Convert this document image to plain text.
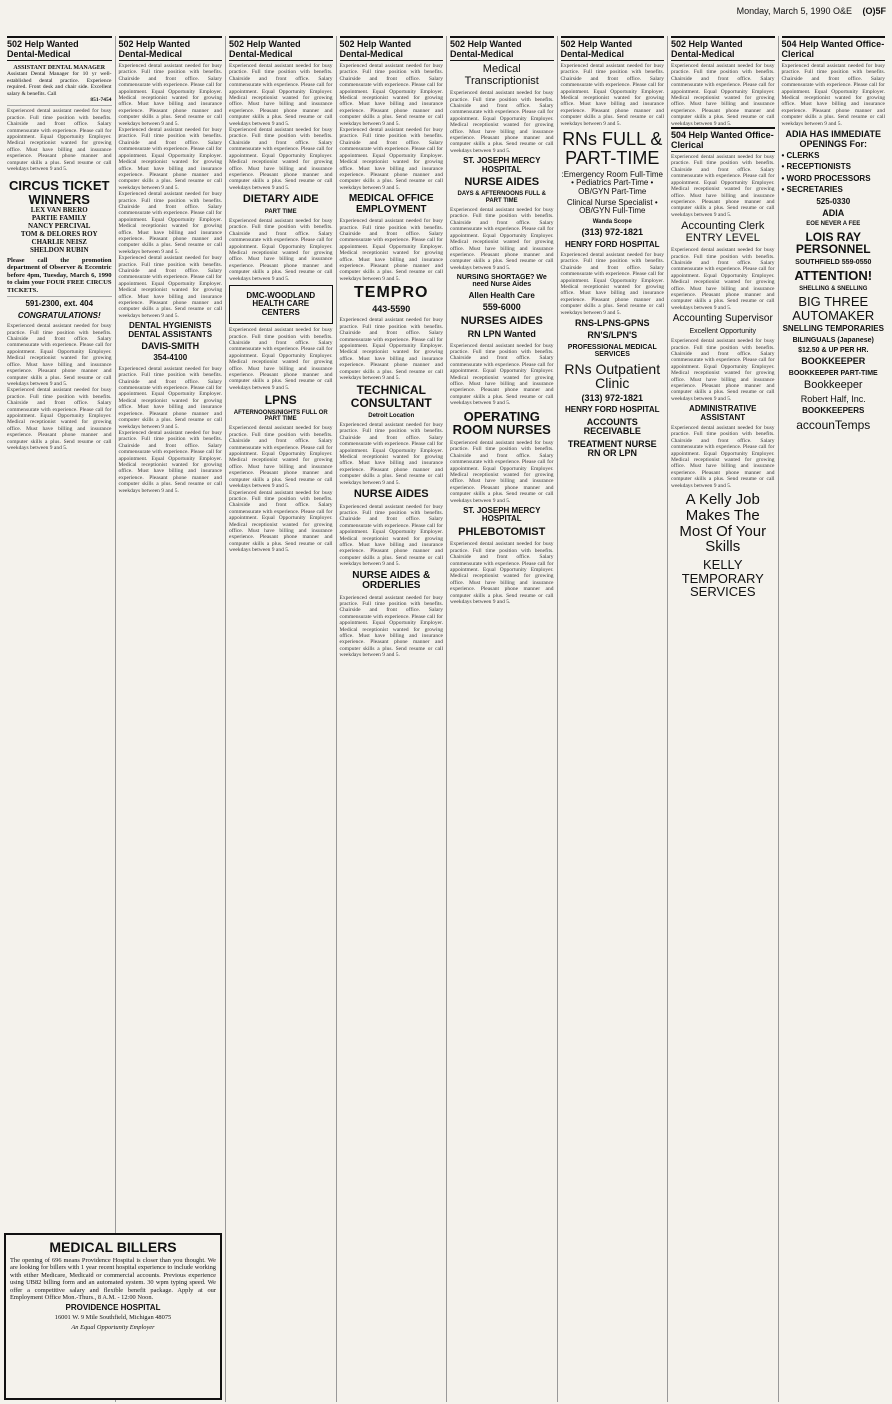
Monday, March 5, 1990 O&E (O)5F
502 Help Wanted Dental-Medical
ASSISTANT DENTAL MANAGER
Assistant Dental Manager for 10 yr well-established dental practice. Experience required. Front desk and chair side. Excellent salary & benefits. Call
851-7454
Experienced dental assistant needed for busy practice. Full time position with benefits. Chairside and front office. Salary commensurate with experience. Please call for appointment. Equal Opportunity Employer. Medical receptionist wanted for growing office. Must have billing and insurance experience. Pleasant phone manner and computer skills a plus. Send resume or call weekdays between 9 and 5.
CIRCUS TICKET WINNERS
LEX VAN BRERO
PARTIE FAMILY
NANCY PERCIVAL
TOM & DELORES ROY
CHARLIE NEISZ
SHELDON RUBIN
Please call the promotion department of Observer & Eccentric before 4pm, Tuesday, March 6, 1990 to claim your FOUR FREE CIRCUS TICKETS.
591-2300, ext. 404
CONGRATULATIONS!
Experienced dental assistant needed for busy practice. Full time position with benefits. Chairside and front office. Salary commensurate with experience. Please call for appointment. Equal Opportunity Employer. Medical receptionist wanted for growing office. Must have billing and insurance experience. Pleasant phone manner and computer skills a plus. Send resume or call weekdays between 9 and 5.
Experienced dental assistant needed for busy practice. Full time position with benefits. Chairside and front office. Salary commensurate with experience. Please call for appointment. Equal Opportunity Employer. Medical receptionist wanted for growing office. Must have billing and insurance experience. Pleasant phone manner and computer skills a plus. Send resume or call weekdays between 9 and 5.
502 Help Wanted Dental-Medical
Experienced dental assistant needed for busy practice. Full time position with benefits. Chairside and front office. Salary commensurate with experience. Please call for appointment. Equal Opportunity Employer. Medical receptionist wanted for growing office. Must have billing and insurance experience. Pleasant phone manner and computer skills a plus. Send resume or call weekdays between 9 and 5.
Experienced dental assistant needed for busy practice. Full time position with benefits. Chairside and front office. Salary commensurate with experience. Please call for appointment. Equal Opportunity Employer. Medical receptionist wanted for growing office. Must have billing and insurance experience. Pleasant phone manner and computer skills a plus. Send resume or call weekdays between 9 and 5.
Experienced dental assistant needed for busy practice. Full time position with benefits. Chairside and front office. Salary commensurate with experience. Please call for appointment. Equal Opportunity Employer. Medical receptionist wanted for growing office. Must have billing and insurance experience. Pleasant phone manner and computer skills a plus. Send resume or call weekdays between 9 and 5.
Experienced dental assistant needed for busy practice. Full time position with benefits. Chairside and front office. Salary commensurate with experience. Please call for appointment. Equal Opportunity Employer. Medical receptionist wanted for growing office. Must have billing and insurance experience. Pleasant phone manner and computer skills a plus. Send resume or call weekdays between 9 and 5.
DENTAL HYGIENISTS DENTAL ASSISTANTS
DAVIS-SMITH
354-4100
Experienced dental assistant needed for busy practice. Full time position with benefits. Chairside and front office. Salary commensurate with experience. Please call for appointment. Equal Opportunity Employer. Medical receptionist wanted for growing office. Must have billing and insurance experience. Pleasant phone manner and computer skills a plus. Send resume or call weekdays between 9 and 5.
Experienced dental assistant needed for busy practice. Full time position with benefits. Chairside and front office. Salary commensurate with experience. Please call for appointment. Equal Opportunity Employer. Medical receptionist wanted for growing office. Must have billing and insurance experience. Pleasant phone manner and computer skills a plus. Send resume or call weekdays between 9 and 5.
502 Help Wanted Dental-Medical
Experienced dental assistant needed for busy practice. Full time position with benefits. Chairside and front office. Salary commensurate with experience. Please call for appointment. Equal Opportunity Employer. Medical receptionist wanted for growing office. Must have billing and insurance experience. Pleasant phone manner and computer skills a plus. Send resume or call weekdays between 9 and 5.
Experienced dental assistant needed for busy practice. Full time position with benefits. Chairside and front office. Salary commensurate with experience. Please call for appointment. Equal Opportunity Employer. Medical receptionist wanted for growing office. Must have billing and insurance experience. Pleasant phone manner and computer skills a plus. Send resume or call weekdays between 9 and 5.
DIETARY AIDE
PART TIME
Experienced dental assistant needed for busy practice. Full time position with benefits. Chairside and front office. Salary commensurate with experience. Please call for appointment. Equal Opportunity Employer. Medical receptionist wanted for growing office. Must have billing and insurance experience. Pleasant phone manner and computer skills a plus. Send resume or call weekdays between 9 and 5.
DMC-WOODLAND HEALTH CARE CENTERS
Experienced dental assistant needed for busy practice. Full time position with benefits. Chairside and front office. Salary commensurate with experience. Please call for appointment. Equal Opportunity Employer. Medical receptionist wanted for growing office. Must have billing and insurance experience. Pleasant phone manner and computer skills a plus. Send resume or call weekdays between 9 and 5.
LPNS
AFTERNOONS/NIGHTS FULL OR PART TIME
Experienced dental assistant needed for busy practice. Full time position with benefits. Chairside and front office. Salary commensurate with experience. Please call for appointment. Equal Opportunity Employer. Medical receptionist wanted for growing office. Must have billing and insurance experience. Pleasant phone manner and computer skills a plus. Send resume or call weekdays between 9 and 5.
Experienced dental assistant needed for busy practice. Full time position with benefits. Chairside and front office. Salary commensurate with experience. Please call for appointment. Equal Opportunity Employer. Medical receptionist wanted for growing office. Must have billing and insurance experience. Pleasant phone manner and computer skills a plus. Send resume or call weekdays between 9 and 5.
502 Help Wanted Dental-Medical
Experienced dental assistant needed for busy practice. Full time position with benefits. Chairside and front office. Salary commensurate with experience. Please call for appointment. Equal Opportunity Employer. Medical receptionist wanted for growing office. Must have billing and insurance experience. Pleasant phone manner and computer skills a plus. Send resume or call weekdays between 9 and 5.
Experienced dental assistant needed for busy practice. Full time position with benefits. Chairside and front office. Salary commensurate with experience. Please call for appointment. Equal Opportunity Employer. Medical receptionist wanted for growing office. Must have billing and insurance experience. Pleasant phone manner and computer skills a plus. Send resume or call weekdays between 9 and 5.
MEDICAL OFFICE EMPLOYMENT
Experienced dental assistant needed for busy practice. Full time position with benefits. Chairside and front office. Salary commensurate with experience. Please call for appointment. Equal Opportunity Employer. Medical receptionist wanted for growing office. Must have billing and insurance experience. Pleasant phone manner and computer skills a plus. Send resume or call weekdays between 9 and 5.
TEMPRO
443-5590
Experienced dental assistant needed for busy practice. Full time position with benefits. Chairside and front office. Salary commensurate with experience. Please call for appointment. Equal Opportunity Employer. Medical receptionist wanted for growing office. Must have billing and insurance experience. Pleasant phone manner and computer skills a plus. Send resume or call weekdays between 9 and 5.
TECHNICAL CONSULTANT
Detroit Location
Experienced dental assistant needed for busy practice. Full time position with benefits. Chairside and front office. Salary commensurate with experience. Please call for appointment. Equal Opportunity Employer. Medical receptionist wanted for growing office. Must have billing and insurance experience. Pleasant phone manner and computer skills a plus. Send resume or call weekdays between 9 and 5.
NURSE AIDES
Experienced dental assistant needed for busy practice. Full time position with benefits. Chairside and front office. Salary commensurate with experience. Please call for appointment. Equal Opportunity Employer. Medical receptionist wanted for growing office. Must have billing and insurance experience. Pleasant phone manner and computer skills a plus. Send resume or call weekdays between 9 and 5.
NURSE AIDES & ORDERLIES
Experienced dental assistant needed for busy practice. Full time position with benefits. Chairside and front office. Salary commensurate with experience. Please call for appointment. Equal Opportunity Employer. Medical receptionist wanted for growing office. Must have billing and insurance experience. Pleasant phone manner and computer skills a plus. Send resume or call weekdays between 9 and 5.
502 Help Wanted Dental-Medical
Medical Transcriptionist
Experienced dental assistant needed for busy practice. Full time position with benefits. Chairside and front office. Salary commensurate with experience. Please call for appointment. Equal Opportunity Employer. Medical receptionist wanted for growing office. Must have billing and insurance experience. Pleasant phone manner and computer skills a plus. Send resume or call weekdays between 9 and 5.
ST. JOSEPH MERCY HOSPITAL
NURSE AIDES
DAYS & AFTERNOONS FULL & PART TIME
Experienced dental assistant needed for busy practice. Full time position with benefits. Chairside and front office. Salary commensurate with experience. Please call for appointment. Equal Opportunity Employer. Medical receptionist wanted for growing office. Must have billing and insurance experience. Pleasant phone manner and computer skills a plus. Send resume or call weekdays between 9 and 5.
NURSING SHORTAGE? We need Nurse Aides
Allen Health Care
559-6000
NURSES AIDES
RN LPN Wanted
Experienced dental assistant needed for busy practice. Full time position with benefits. Chairside and front office. Salary commensurate with experience. Please call for appointment. Equal Opportunity Employer. Medical receptionist wanted for growing office. Must have billing and insurance experience. Pleasant phone manner and computer skills a plus. Send resume or call weekdays between 9 and 5.
OPERATING ROOM NURSES
Experienced dental assistant needed for busy practice. Full time position with benefits. Chairside and front office. Salary commensurate with experience. Please call for appointment. Equal Opportunity Employer. Medical receptionist wanted for growing office. Must have billing and insurance experience. Pleasant phone manner and computer skills a plus. Send resume or call weekdays between 9 and 5.
ST. JOSEPH MERCY HOSPITAL
PHLEBOTOMIST
Experienced dental assistant needed for busy practice. Full time position with benefits. Chairside and front office. Salary commensurate with experience. Please call for appointment. Equal Opportunity Employer. Medical receptionist wanted for growing office. Must have billing and insurance experience. Pleasant phone manner and computer skills a plus. Send resume or call weekdays between 9 and 5.
502 Help Wanted Dental-Medical
Experienced dental assistant needed for busy practice. Full time position with benefits. Chairside and front office. Salary commensurate with experience. Please call for appointment. Equal Opportunity Employer. Medical receptionist wanted for growing office. Must have billing and insurance experience. Pleasant phone manner and computer skills a plus. Send resume or call weekdays between 9 and 5.
RNs FULL & PART-TIME
:Emergency Room Full-Time • Pediatrics Part-Time • OB/GYN Part-Time
Clinical Nurse Specialist • OB/GYN Full-Time
Wanda Scope
(313) 972-1821
HENRY FORD HOSPITAL
Experienced dental assistant needed for busy practice. Full time position with benefits. Chairside and front office. Salary commensurate with experience. Please call for appointment. Equal Opportunity Employer. Medical receptionist wanted for growing office. Must have billing and insurance experience. Pleasant phone manner and computer skills a plus. Send resume or call weekdays between 9 and 5.
RNS-LPNS-GPNS
RN'S/LPN'S
PROFESSIONAL MEDICAL SERVICES
RNs Outpatient Clinic
(313) 972-1821
HENRY FORD HOSPITAL
ACCOUNTS RECEIVABLE
TREATMENT NURSE RN OR LPN
502 Help Wanted Dental-Medical
Experienced dental assistant needed for busy practice. Full time position with benefits. Chairside and front office. Salary commensurate with experience. Please call for appointment. Equal Opportunity Employer. Medical receptionist wanted for growing office. Must have billing and insurance experience. Pleasant phone manner and computer skills a plus. Send resume or call weekdays between 9 and 5.
504 Help Wanted Office-Clerical
Experienced dental assistant needed for busy practice. Full time position with benefits. Chairside and front office. Salary commensurate with experience. Please call for appointment. Equal Opportunity Employer. Medical receptionist wanted for growing office. Must have billing and insurance experience. Pleasant phone manner and computer skills a plus. Send resume or call weekdays between 9 and 5.
Accounting Clerk ENTRY LEVEL
Experienced dental assistant needed for busy practice. Full time position with benefits. Chairside and front office. Salary commensurate with experience. Please call for appointment. Equal Opportunity Employer. Medical receptionist wanted for growing office. Must have billing and insurance experience. Pleasant phone manner and computer skills a plus. Send resume or call weekdays between 9 and 5.
Accounting Supervisor
Excellent Opportunity
Experienced dental assistant needed for busy practice. Full time position with benefits. Chairside and front office. Salary commensurate with experience. Please call for appointment. Equal Opportunity Employer. Medical receptionist wanted for growing office. Must have billing and insurance experience. Pleasant phone manner and computer skills a plus. Send resume or call weekdays between 9 and 5.
ADMINISTRATIVE ASSISTANT
Experienced dental assistant needed for busy practice. Full time position with benefits. Chairside and front office. Salary commensurate with experience. Please call for appointment. Equal Opportunity Employer. Medical receptionist wanted for growing office. Must have billing and insurance experience. Pleasant phone manner and computer skills a plus. Send resume or call weekdays between 9 and 5.
A Kelly Job Makes The Most Of Your Skills
KELLY TEMPORARY SERVICES
504 Help Wanted Office-Clerical
Experienced dental assistant needed for busy practice. Full time position with benefits. Chairside and front office. Salary commensurate with experience. Please call for appointment. Equal Opportunity Employer. Medical receptionist wanted for growing office. Must have billing and insurance experience. Pleasant phone manner and computer skills a plus. Send resume or call weekdays between 9 and 5.
ADIA HAS IMMEDIATE OPENINGS For:
• CLERKS
• RECEPTIONISTS
• WORD PROCESSORS
• SECRETARIES
525-0330
ADIA
EOE NEVER A FEE
LOIS RAY PERSONNEL
SOUTHFIELD 559-0550
ATTENTION!
SHELLING & SNELLING
BIG THREE AUTOMAKER
SNELLING TEMPORARIES
BILINGUALS (Japanese)
$12.50 & UP PER HR.
BOOKKEEPER
BOOKKEEPER PART-TIME
Bookkeeper
Robert Half, Inc.
BOOKKEEPERS
accounTemps
MEDICAL BILLERS
The opening of 696 means Providence Hospital is closer than you thought. We are looking for billers with 1 year recent hospital experience to include working with either Medicare, Medicaid or commercial accounts. Previous experience using UB82 billing form and an automated system. 30 wpm typing speed. We offer a competitive salary and flexible benefit package. Apply at our Employment Office Mon.-Thurs., 8 A.M. - 12:00 Noon.
PROVIDENCE HOSPITAL
16001 W. 9 Mile Southfield, Michigan 48075
An Equal Opportunity Employer
